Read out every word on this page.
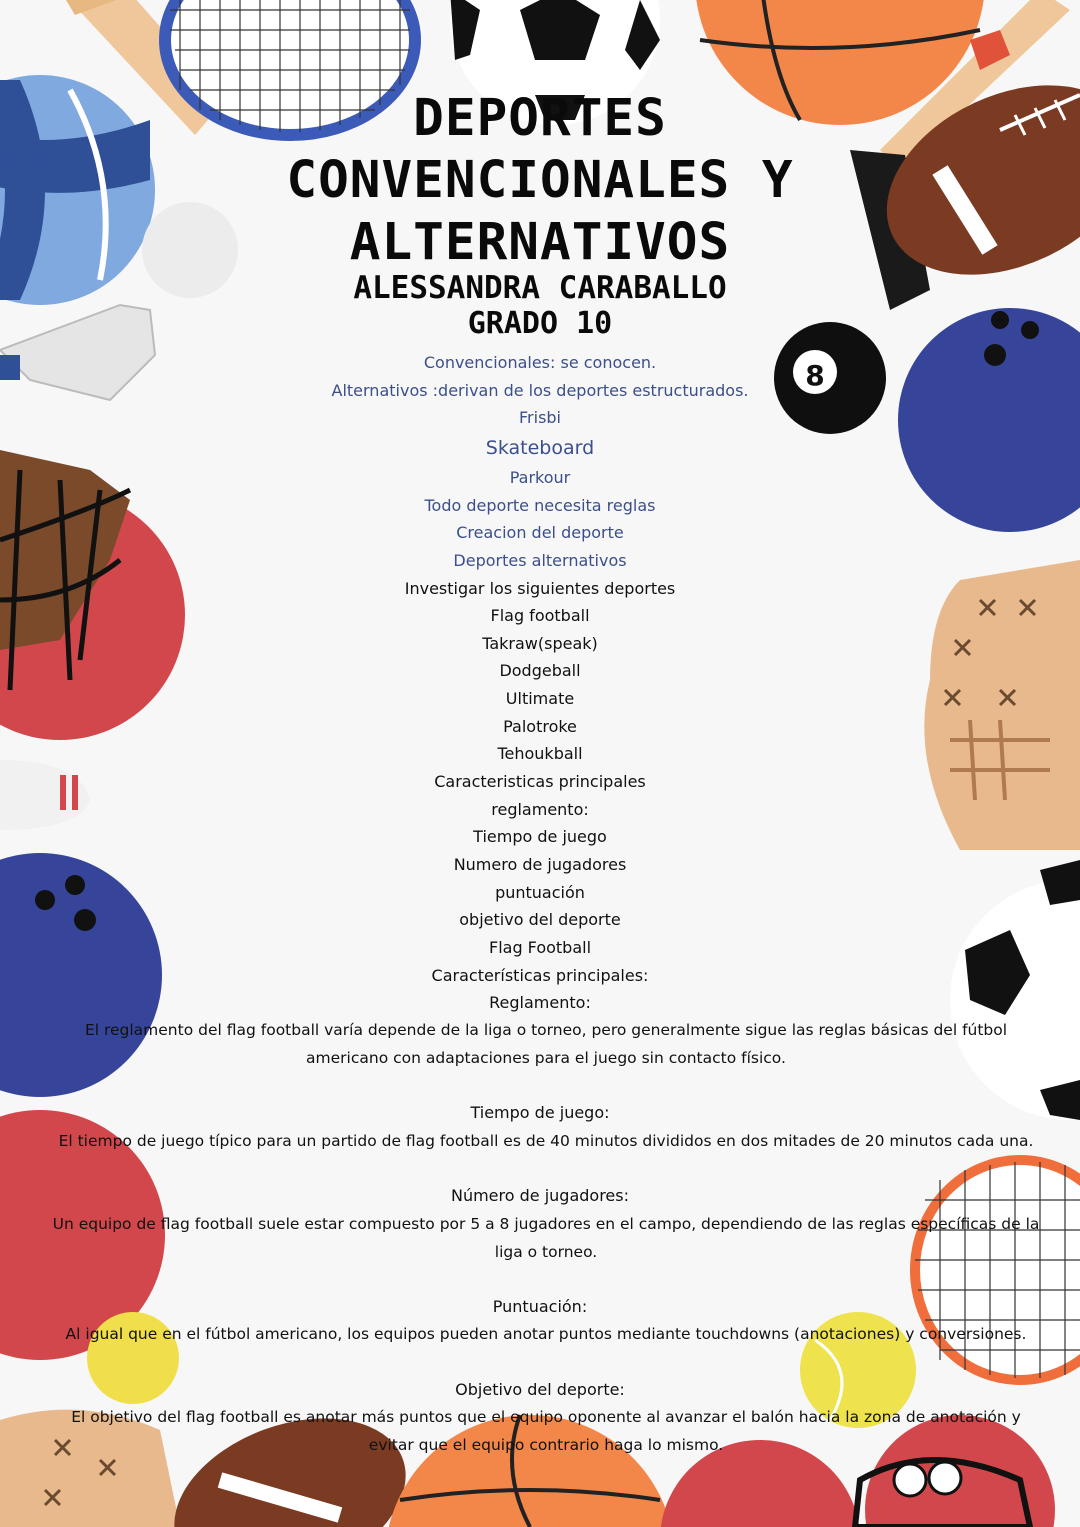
8
DEPORTES
CONVENCIONALES Y
ALTERNATIVOS
ALESSANDRA CARABALLO
GRADO 10
Convencionales: se conocen.
Alternativos :derivan de los deportes estructurados.
Frisbi
Skateboard
Parkour
Todo deporte necesita reglas
Creacion del deporte
Deportes alternativos
Investigar los siguientes deportes
Flag football
Takraw(speak)
Dodgeball
Ultimate
Palotroke
Tehoukball
Caracteristicas principales
reglamento:
Tiempo de juego
Numero de jugadores
puntuación
objetivo del deporte
Flag Football
Características principales:
Reglamento:
El reglamento del flag football varía depende de la liga o torneo, pero generalmente sigue las reglas básicas del fútbol americano con adaptaciones para el juego sin contacto físico.
Tiempo de juego:
El tiempo de juego típico para un partido de flag football es de 40 minutos divididos en dos mitades de 20 minutos cada una.
Número de jugadores:
Un equipo de flag football suele estar compuesto por 5 a 8 jugadores en el campo, dependiendo de las reglas específicas de la liga o torneo.
Puntuación:
Al igual que en el fútbol americano, los equipos pueden anotar puntos mediante touchdowns (anotaciones) y conversiones.
Objetivo del deporte:
El objetivo del flag football es anotar más puntos que el equipo oponente al avanzar el balón hacia la zona de anotación y evitar que el equipo contrario haga lo mismo.
